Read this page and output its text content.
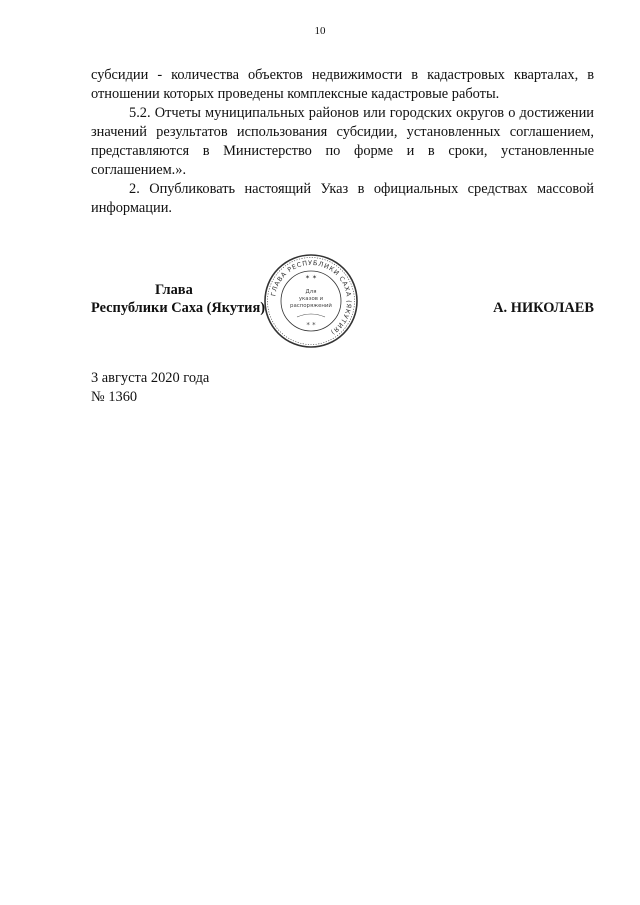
10

субсидии - количества объектов недвижимости в кадастровых кварталах, в отношении которых проведены комплексные кадастровые работы.

5.2. Отчеты муниципальных районов или городских округов о достижении значений результатов использования субсидии, установленных соглашением, представляются в Министерство по форме и в сроки, установленные соглашением.».

2. Опубликовать настоящий Указ в официальных средствах массовой информации.

Глава
Республики Саха (Якутия)	А. НИКОЛАЕВ
ГЛАВА РЕСПУБЛИКИ САХА (ЯКУТИЯ)
Для
указов и
распоряжений
* *
✶ ✶
3 августа 2020 года
№ 1360
